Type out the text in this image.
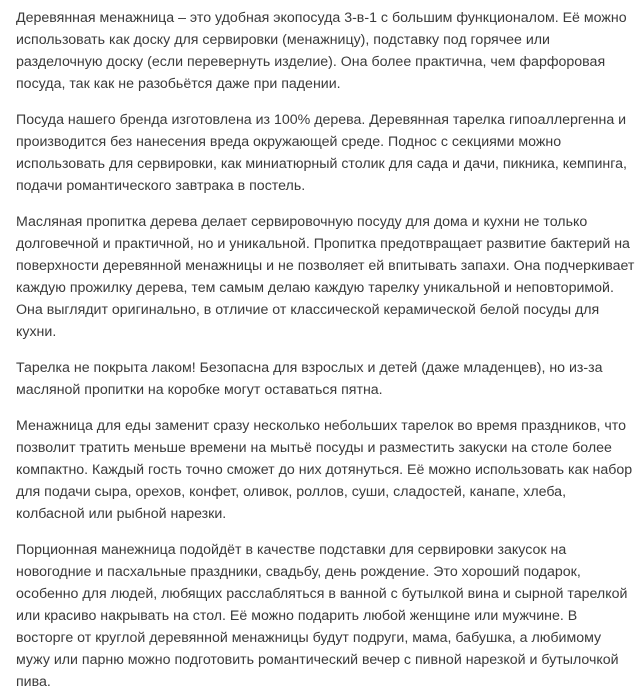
Деревянная менажница – это удобная экопосуда 3-в-1 с большим функционалом. Её можно использовать как доску для сервировки (менажницу), подставку под горячее или разделочную доску (если перевернуть изделие). Она более практична, чем фарфоровая посуда, так как не разобьётся даже при падении.

Посуда нашего бренда изготовлена из 100% дерева. Деревянная тарелка гипоаллергенна и производится без нанесения вреда окружающей среде. Поднос с секциями можно использовать для сервировки, как миниатюрный столик для сада и дачи, пикника, кемпинга, подачи романтического завтрака в постель.

Масляная пропитка дерева делает сервировочную посуду для дома и кухни не только долговечной и практичной, но и уникальной. Пропитка предотвращает развитие бактерий на поверхности деревянной менажницы и не позволяет ей впитывать запахи. Она подчеркивает каждую прожилку дерева, тем самым делаю каждую тарелку уникальной и неповторимой. Она выглядит оригинально, в отличие от классической керамической белой посуды для кухни.

Тарелка не покрыта лаком! Безопасна для взрослых и детей (даже младенцев), но из-за масляной пропитки на коробке могут оставаться пятна.

Менажница для еды заменит сразу несколько небольших тарелок во время праздников, что позволит тратить меньше времени на мытьё посуды и разместить закуски на столе более компактно. Каждый гость точно сможет до них дотянуться. Её можно использовать как набор для подачи сыра, орехов, конфет, оливок, роллов, суши, сладостей, канапе, хлеба, колбасной или рыбной нарезки.

Порционная манежница подойдёт в качестве подставки для сервировки закусок на новогодние и пасхальные праздники, свадьбу, день рождение. Это хороший подарок, особенно для людей, любящих расслабляться в ванной с бутылкой вина и сырной тарелкой или красиво накрывать на стол. Её можно подарить любой женщине или мужчине. В восторге от круглой деревянной менажницы будут подруги, мама, бабушка, а любимому мужу или парню можно подготовить романтический вечер с пивной нарезкой и бутылочкой пива.
